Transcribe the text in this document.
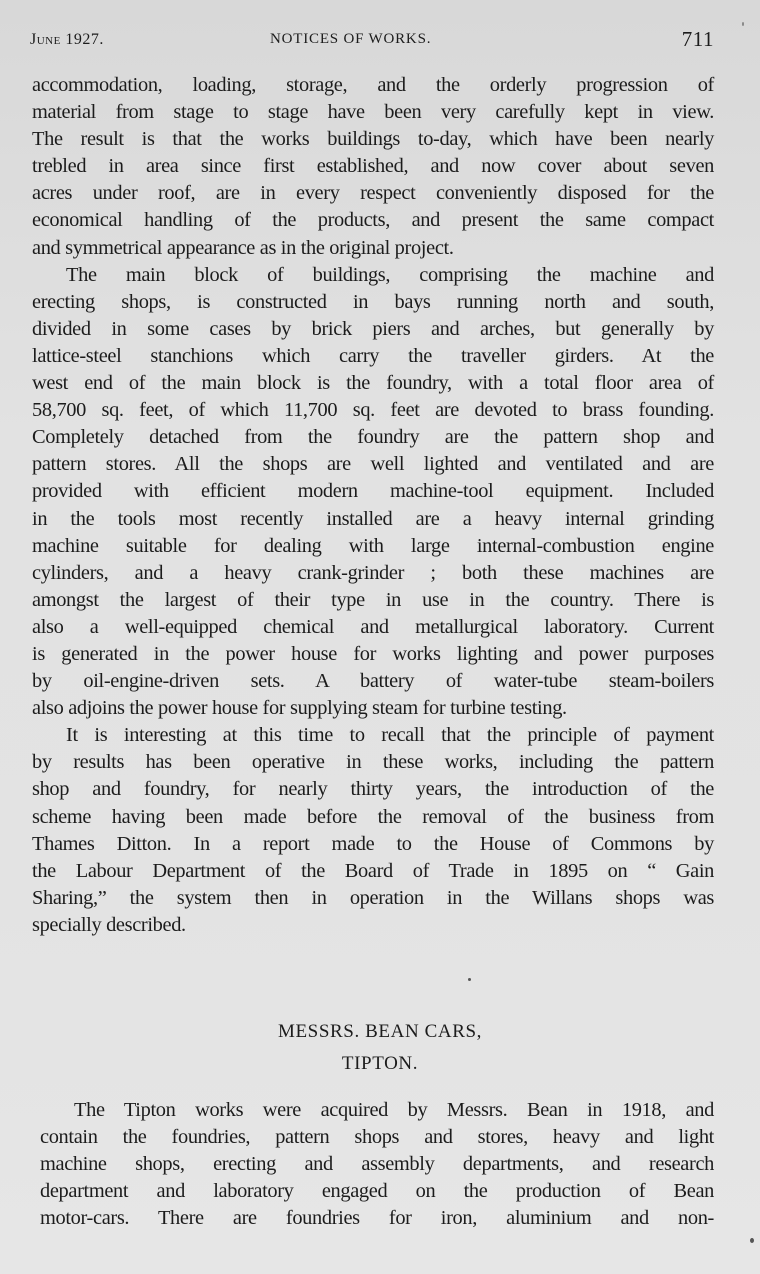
June 1927.	NOTICES OF WORKS.	711
accommodation, loading, storage, and the orderly progression of
material from stage to stage have been very carefully kept in view.
The result is that the works buildings to-day, which have been nearly
trebled in area since first established, and now cover about seven
acres under roof, are in every respect conveniently disposed for the
economical handling of the products, and present the same compact
and symmetrical appearance as in the original project.
The main block of buildings, comprising the machine and
erecting shops, is constructed in bays running north and south,
divided in some cases by brick piers and arches, but generally by
lattice-steel stanchions which carry the traveller girders. At the
west end of the main block is the foundry, with a total floor area of
58,700 sq. feet, of which 11,700 sq. feet are devoted to brass founding.
Completely detached from the foundry are the pattern shop and
pattern stores. All the shops are well lighted and ventilated and are
provided with efficient modern machine-tool equipment. Included
in the tools most recently installed are a heavy internal grinding
machine suitable for dealing with large internal-combustion engine
cylinders, and a heavy crank-grinder ; both these machines are
amongst the largest of their type in use in the country. There is
also a well-equipped chemical and metallurgical laboratory. Current
is generated in the power house for works lighting and power purposes
by oil-engine-driven sets. A battery of water-tube steam-boilers
also adjoins the power house for supplying steam for turbine testing.
It is interesting at this time to recall that the principle of payment
by results has been operative in these works, including the pattern
shop and foundry, for nearly thirty years, the introduction of the
scheme having been made before the removal of the business from
Thames Ditton. In a report made to the House of Commons by
the Labour Department of the Board of Trade in 1895 on “ Gain
Sharing,” the system then in operation in the Willans shops was
specially described.
MESSRS. BEAN CARS,
TIPTON.
The Tipton works were acquired by Messrs. Bean in 1918, and
contain the foundries, pattern shops and stores, heavy and light
machine shops, erecting and assembly departments, and research
department and laboratory engaged on the production of Bean
motor-cars. There are foundries for iron, aluminium and non-
